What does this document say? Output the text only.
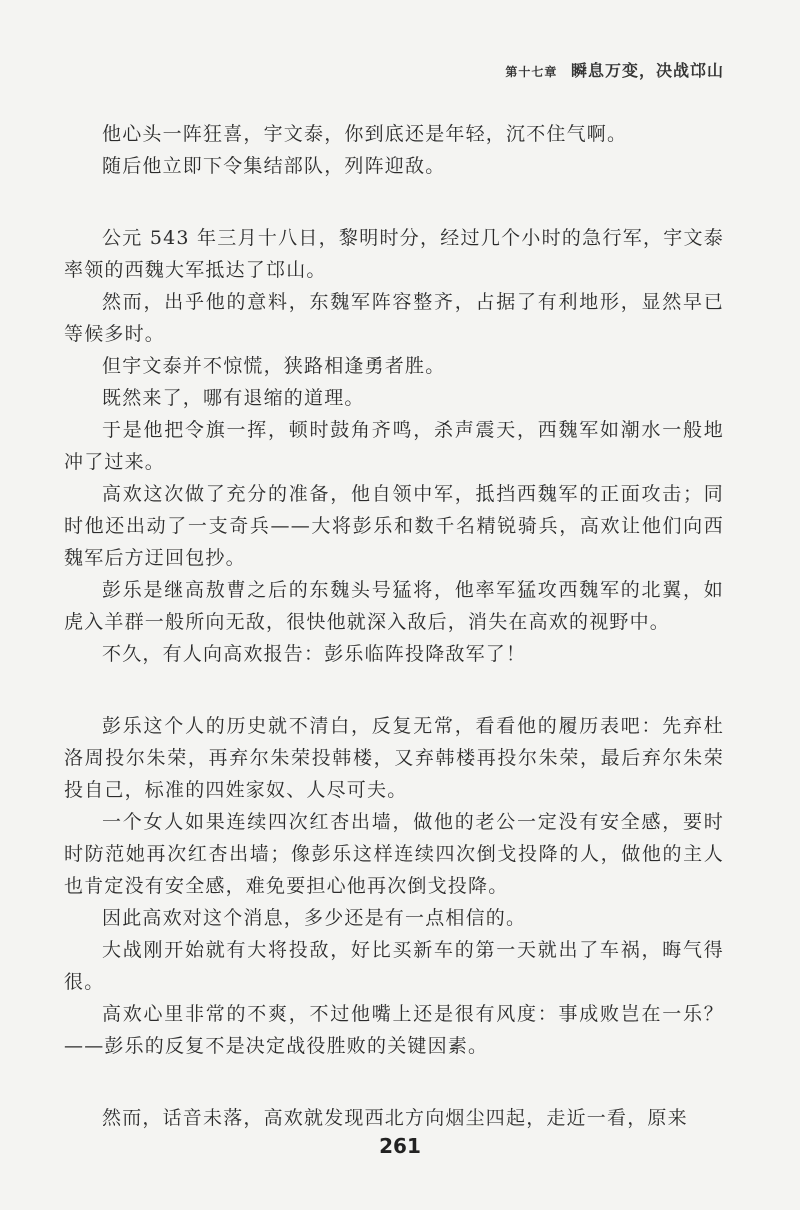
第十七章 瞬息万变，决战邙山

他心头一阵狂喜，宇文泰，你到底还是年轻，沉不住气啊。

随后他立即下令集结部队，列阵迎敌。

公元 543 年三月十八日，黎明时分，经过几个小时的急行军，宇文泰率领的西魏大军抵达了邙山。

然而，出乎他的意料，东魏军阵容整齐，占据了有利地形，显然早已等候多时。

但宇文泰并不惊慌，狭路相逢勇者胜。

既然来了，哪有退缩的道理。

于是他把令旗一挥，顿时鼓角齐鸣，杀声震天，西魏军如潮水一般地冲了过来。

高欢这次做了充分的准备，他自领中军，抵挡西魏军的正面攻击；同时他还出动了一支奇兵——大将彭乐和数千名精锐骑兵，高欢让他们向西魏军后方迂回包抄。

彭乐是继高敖曹之后的东魏头号猛将，他率军猛攻西魏军的北翼，如虎入羊群一般所向无敌，很快他就深入敌后，消失在高欢的视野中。

不久，有人向高欢报告：彭乐临阵投降敌军了！

彭乐这个人的历史就不清白，反复无常，看看他的履历表吧：先弃杜洛周投尔朱荣，再弃尔朱荣投韩楼，又弃韩楼再投尔朱荣，最后弃尔朱荣投自己，标准的四姓家奴、人尽可夫。

一个女人如果连续四次红杏出墙，做他的老公一定没有安全感，要时时防范她再次红杏出墙；像彭乐这样连续四次倒戈投降的人，做他的主人也肯定没有安全感，难免要担心他再次倒戈投降。

因此高欢对这个消息，多少还是有一点相信的。

大战刚开始就有大将投敌，好比买新车的第一天就出了车祸，晦气得很。

高欢心里非常的不爽，不过他嘴上还是很有风度：事成败岂在一乐？——彭乐的反复不是决定战役胜败的关键因素。

然而，话音未落，高欢就发现西北方向烟尘四起，走近一看，原来

261
